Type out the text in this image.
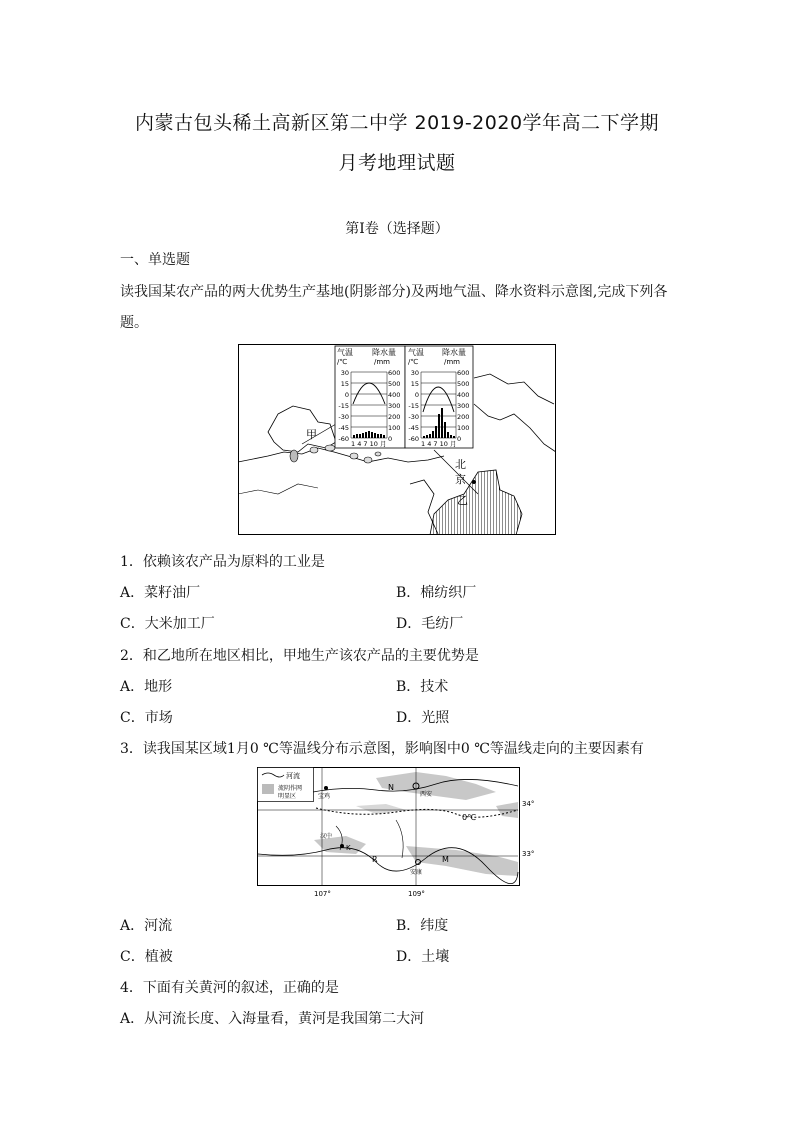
内蒙古包头稀土高新区第二中学 2019-2020学年高二下学期
月考地理试题
第Ⅰ卷（选择题）
一、单选题
读我国某农产品的两大优势生产基地(阴影部分)及两地气温、降水资料示意图,完成下列各
题。
气温
/℃
降水量
/mm
30
15
0
-15
-30
-45
-60
600
500
400
300
200
100
0
1 4 7 10 月
气温
/℃
降水量
/mm
30
15
0
-15
-30
-45
-60
600
500
400
300
200
100
0
1 4 7 10 月
甲
北
京
乙
1．依赖该农产品为原料的工业是
A．菜籽油厂	B．棉纺织厂
C．大米加工厂	D．毛纺厂
2．和乙地所在地区相比，甲地生产该农产品的主要优势是
A．地形	B．技术
C．市场	D．光照
3．读我国某区域1月0 ℃等温线分布示意图，影响图中0 ℃等温线走向的主要因素有
河流
流阴作网
明显区	宝鸡	西安
汉中
安康
N
K
R	M
0℃
34°
33°
107°	109°
A．河流	B．纬度
C．植被	D．土壤
4．下面有关黄河的叙述，正确的是
A．从河流长度、入海量看，黄河是我国第二大河
